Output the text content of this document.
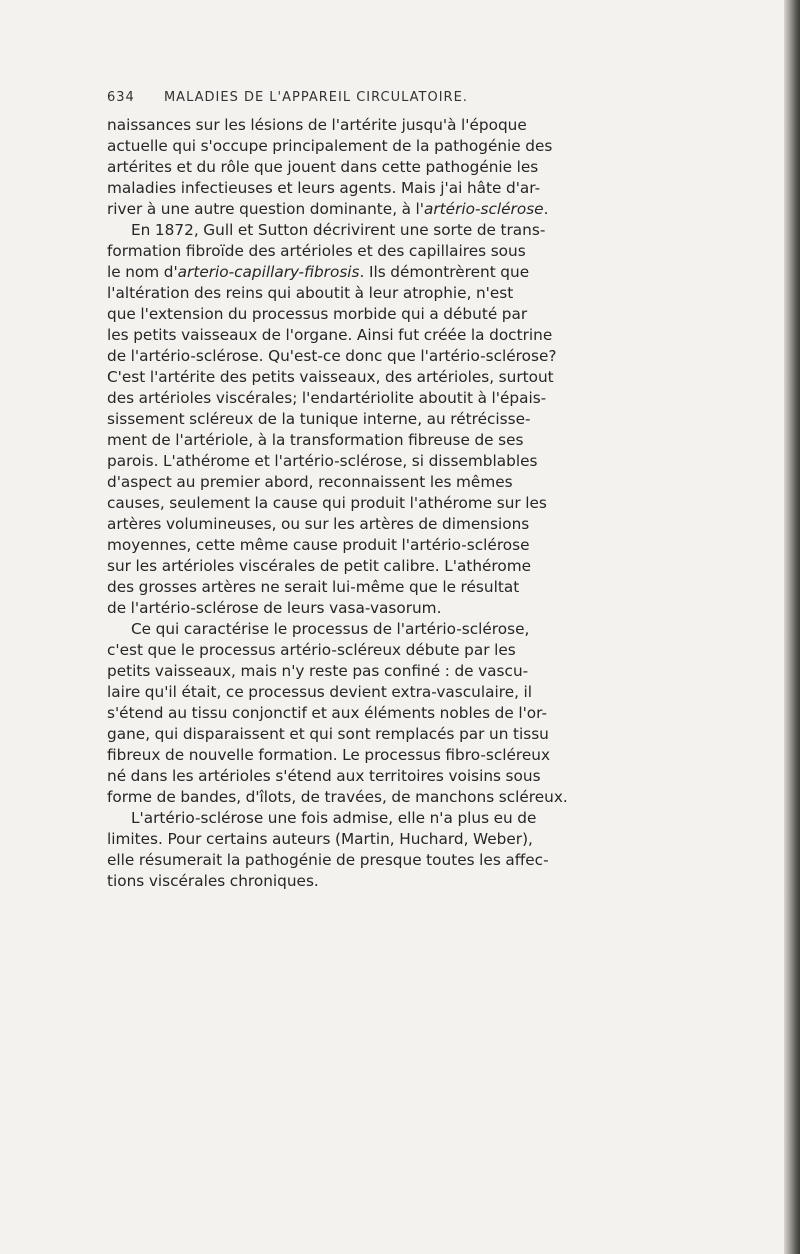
634 MALADIES DE L'APPAREIL CIRCULATOIRE.
naissances sur les lésions de l'artérite jusqu'à l'époque
actuelle qui s'occupe principalement de la pathogénie des
artérites et du rôle que jouent dans cette pathogénie les
maladies infectieuses et leurs agents. Mais j'ai hâte d'ar-
river à une autre question dominante, à l'artério-sclérose.
En 1872, Gull et Sutton décrivirent une sorte de trans-
formation fibroïde des artérioles et des capillaires sous
le nom d'arterio-capillary-fibrosis. Ils démontrèrent que
l'altération des reins qui aboutit à leur atrophie, n'est
que l'extension du processus morbide qui a débuté par
les petits vaisseaux de l'organe. Ainsi fut créée la doctrine
de l'artério-sclérose. Qu'est-ce donc que l'artério-sclérose?
C'est l'artérite des petits vaisseaux, des artérioles, surtout
des artérioles viscérales; l'endartériolite aboutit à l'épais-
sissement scléreux de la tunique interne, au rétrécisse-
ment de l'artériole, à la transformation fibreuse de ses
parois. L'athérome et l'artério-sclérose, si dissemblables
d'aspect au premier abord, reconnaissent les mêmes
causes, seulement la cause qui produit l'athérome sur les
artères volumineuses, ou sur les artères de dimensions
moyennes, cette même cause produit l'artério-sclérose
sur les artérioles viscérales de petit calibre. L'athérome
des grosses artères ne serait lui-même que le résultat
de l'artério-sclérose de leurs vasa-vasorum.
Ce qui caractérise le processus de l'artério-sclérose,
c'est que le processus artério-scléreux débute par les
petits vaisseaux, mais n'y reste pas confiné : de vascu-
laire qu'il était, ce processus devient extra-vasculaire, il
s'étend au tissu conjonctif et aux éléments nobles de l'or-
gane, qui disparaissent et qui sont remplacés par un tissu
fibreux de nouvelle formation. Le processus fibro-scléreux
né dans les artérioles s'étend aux territoires voisins sous
forme de bandes, d'îlots, de travées, de manchons scléreux.
L'artério-sclérose une fois admise, elle n'a plus eu de
limites. Pour certains auteurs (Martin, Huchard, Weber),
elle résumerait la pathogénie de presque toutes les affec-
tions viscérales chroniques.
